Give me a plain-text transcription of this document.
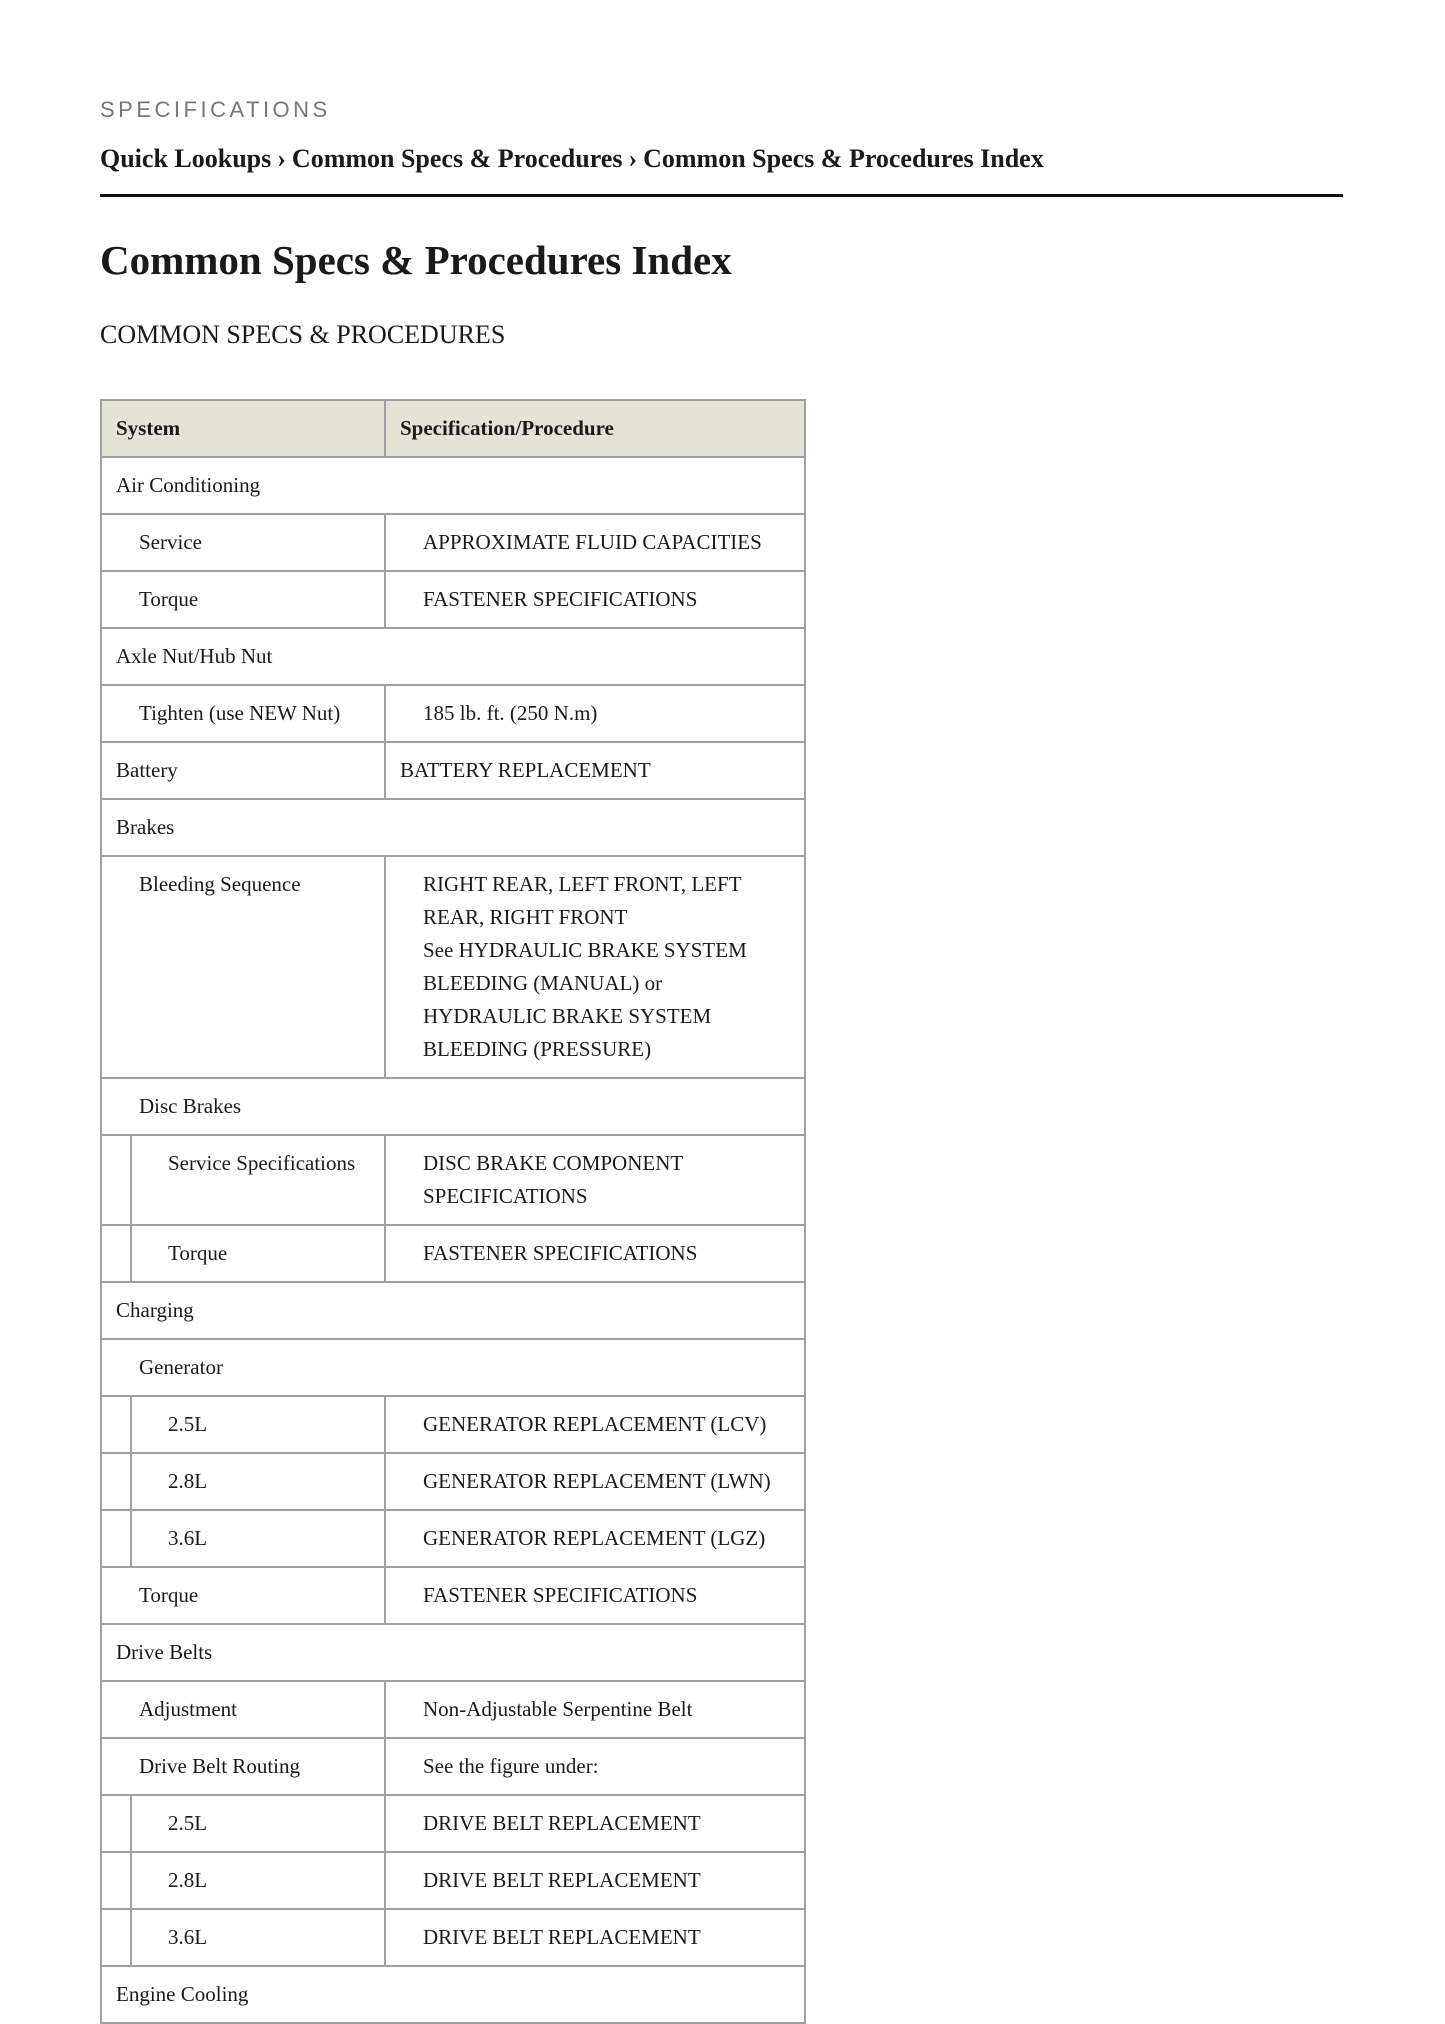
SPECIFICATIONS
Quick Lookups › Common Specs & Procedures › Common Specs & Procedures Index
Common Specs & Procedures Index
COMMON SPECS & PROCEDURES
System		Specification/Procedure

Air Conditioning		

Service		APPROXIMATE FLUID CAPACITIES

Torque		FASTENER SPECIFICATIONS

Axle Nut/Hub Nut		

Tighten (use NEW Nut)		185 lb. ft. (250 N.m)

Battery		BATTERY REPLACEMENT

Brakes		

Bleeding Sequence		RIGHT REAR, LEFT FRONT, LEFT REAR, RIGHT FRONT
See HYDRAULIC BRAKE SYSTEM BLEEDING (MANUAL) or HYDRAULIC BRAKE SYSTEM BLEEDING (PRESSURE)

Disc Brakes		

	Service Specifications	DISC BRAKE COMPONENT SPECIFICATIONS

	Torque	FASTENER SPECIFICATIONS

Charging		

Generator		

	2.5L	GENERATOR REPLACEMENT (LCV)

	2.8L	GENERATOR REPLACEMENT (LWN)

	3.6L	GENERATOR REPLACEMENT (LGZ)

Torque		FASTENER SPECIFICATIONS

Drive Belts		

Adjustment		Non-Adjustable Serpentine Belt

Drive Belt Routing		See the figure under:

	2.5L	DRIVE BELT REPLACEMENT

	2.8L	DRIVE BELT REPLACEMENT

	3.6L	DRIVE BELT REPLACEMENT

Engine Cooling		
